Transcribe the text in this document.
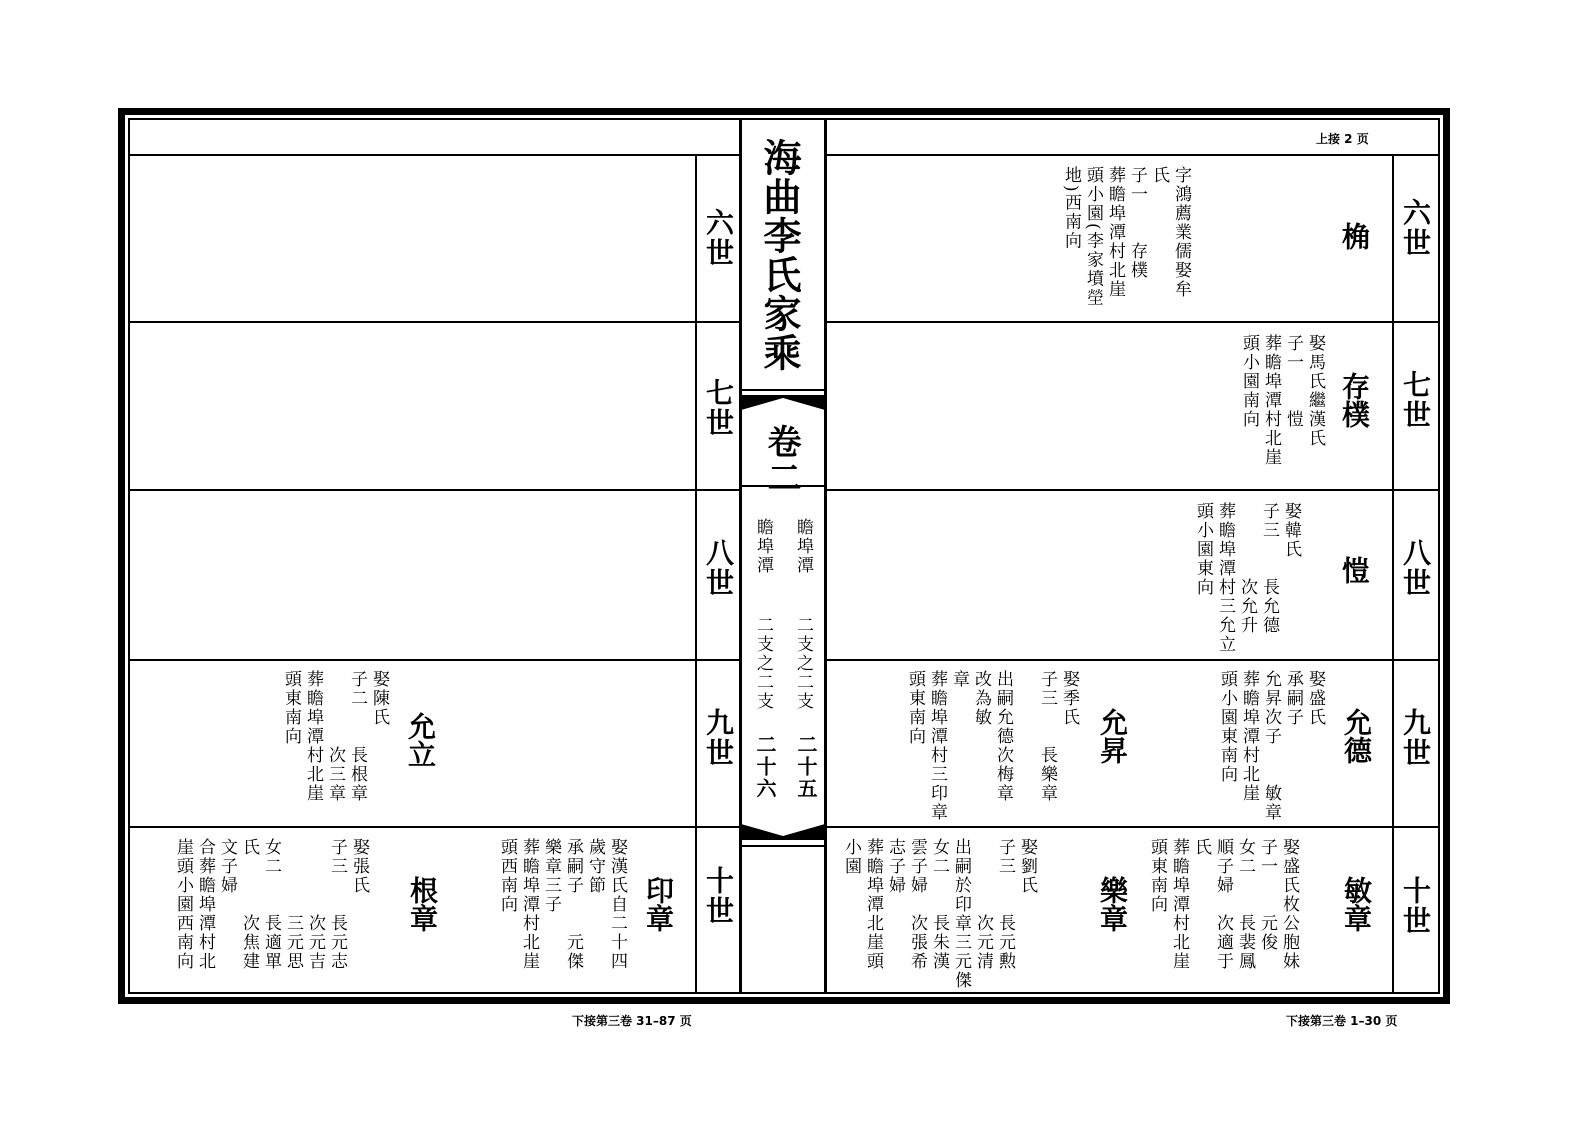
海曲李氏家乘
卷二
瞻埠潭
二支之二支
二十五
瞻埠潭
二支之二支
二十六
上接 2 页
下接第三卷 31–87 页	下接第三卷 1–30 页
六世
七世
八世
九世
十世
六世
七世
八世
九世
十世
桷
字鴻薦業儒娶牟
氏
子一　　存樸
葬瞻埠潭村北崖
頭小園(李家墳塋
地)西南向
存樸
娶馬氏繼漢氏
子一　　愷
葬瞻埠潭村北崖
頭小園南向
愷
娶韓氏
子三　　長允德
　　　　次允升
葬瞻埠潭村三允立
頭小園東向
允德
娶盛氏
承嗣子
允昇次子　　敏章
葬瞻埠潭村北崖
頭小園東南向
允昇
娶季氏
子三　　長樂章
出嗣允德次梅章
改為敏
章
葬瞻埠潭村三印章
頭東南向
允立
娶陳氏
子二　　長根章
　　　　次三章
葬瞻埠潭村北崖
頭東南向
敏章
娶盛氏枚公胞妹
子一　　元俊
女二　　長裴鳳
順子婦　次適于
氏
葬瞻埠潭村北崖
頭東南向
樂章
娶劉氏
子三　　長元勲
　　　　次元清
出嗣於印章三元傑
女二　　長朱漢
雲子婦　次張希
志子婦
葬瞻埠潭北崖頭
小園
印章
娶漢氏自二十四
歲守節
承嗣子　　元傑
樂章三子
葬瞻埠潭村北崖
頭西南向
根章
娶張氏
子三　　長元志
　　　　次元吉
　　　　三元思
女二　　長適單
氏　　　次焦建
文子婦
合葬瞻埠潭村北
崖頭小園西南向
